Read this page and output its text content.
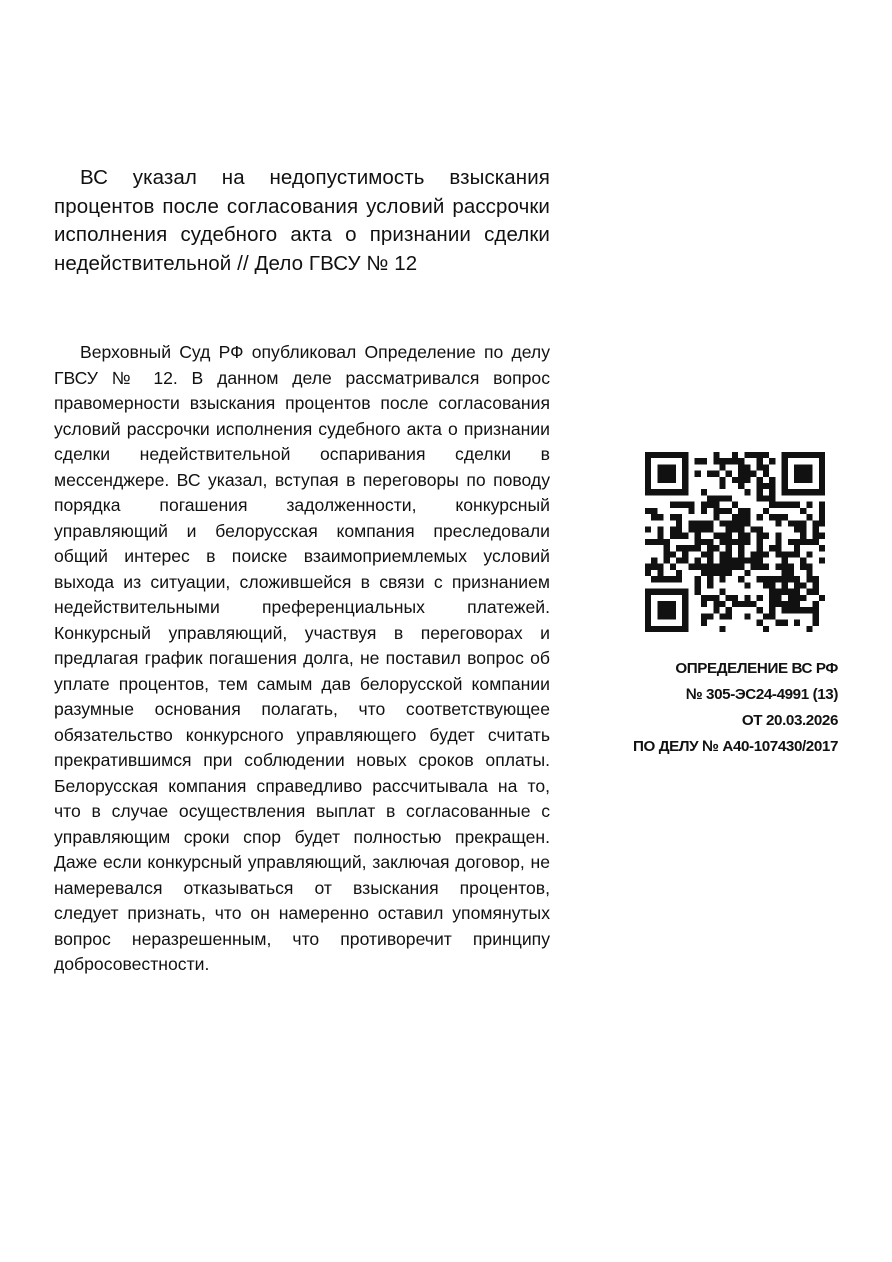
ВС указал на недопустимость взыскания процентов после согласования условий рассрочки исполнения судебного акта о признании сделки недействительной // Дело ГВСУ № 12

Верховный Суд РФ опубликовал Определение по делу ГВСУ № 12. В данном деле рассматривался вопрос правомерности взыскания процентов после согласования условий рассрочки исполнения судебного акта о признании сделки недействительной оспаривания сделки в мессенджере. ВС указал, вступая в переговоры по поводу порядка погашения задолженности, конкурсный управляющий и белорусская компания преследовали общий интерес в поиске взаимоприемлемых условий выхода из ситуации, сложившейся в связи с признанием недействительными преференциальных платежей. Конкурсный управляющий, участвуя в переговорах и предлагая график погашения долга, не поставил вопрос об уплате процентов, тем самым дав белорусской компании разумные основания полагать, что соответствующее обязательство конкурсного управляющего будет считать прекратившимся при соблюдении новых сроков оплаты. Белорусская компания справедливо рассчитывала на то, что в случае осуществления выплат в согласованные с управляющим сроки спор будет полностью прекращен. Даже если конкурсный управляющий, заключая договор, не намеревался отказываться от взыскания процентов, следует признать, что он намеренно оставил упомянутых вопрос неразрешенным, что противоречит принципу добросовестности.

ОПРЕДЕЛЕНИЕ ВС РФ
№ 305-ЭС24-4991 (13)
ОТ 20.03.2026
ПО ДЕЛУ № А40-107430/2017
